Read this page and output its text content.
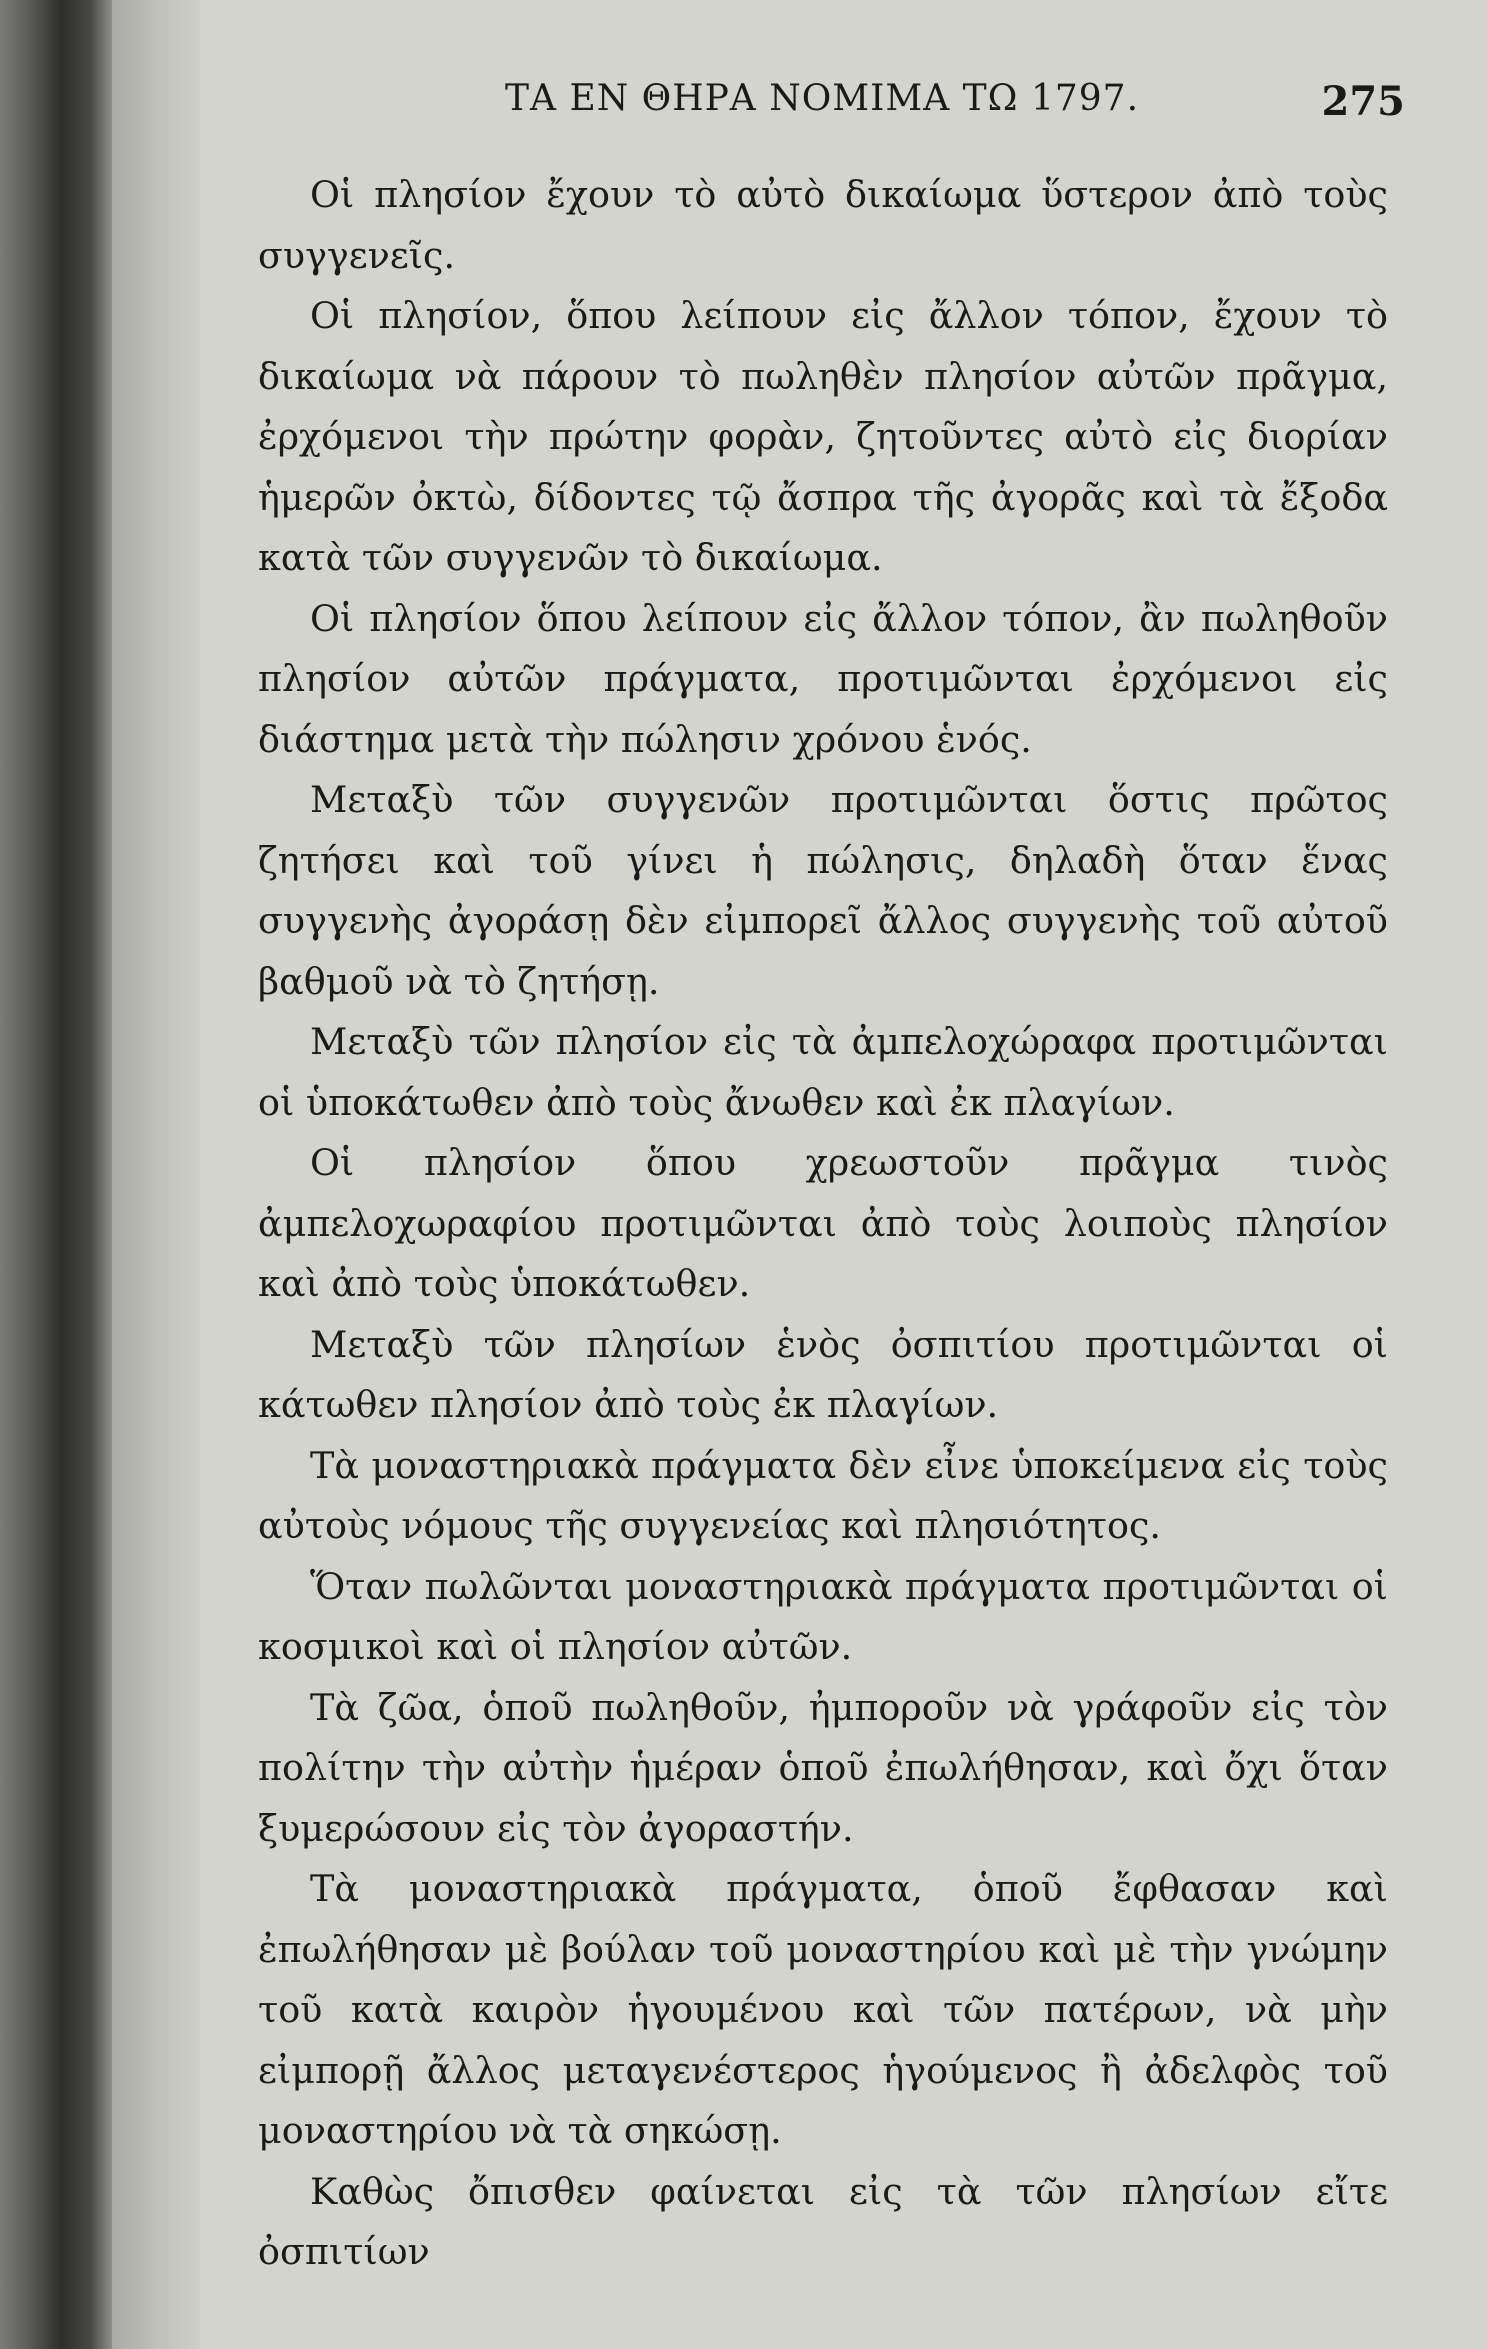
ΤΑ ΕΝ ΘΗΡΑ ΝΟΜΙΜΑ ΤΩ 1797.	275

Οἱ πλησίον ἔχουν τὸ αὐτὸ δικαίωμα ὕστερον ἀπὸ τοὺς συγγενεῖς.

Οἱ πλησίον, ὅπου λείπουν εἰς ἄλλον τόπον, ἔχουν τὸ δικαίωμα νὰ πάρουν τὸ πωληθὲν πλησίον αὐτῶν πρᾶγμα, ἐρχόμενοι τὴν πρώτην φορὰν, ζητοῦντες αὐτὸ εἰς διορίαν ἡμερῶν ὀκτὼ, δίδοντες τῷ ἄσπρα τῆς ἀγορᾶς καὶ τὰ ἔξοδα κατὰ τῶν συγγενῶν τὸ δικαίωμα.

Οἱ πλησίον ὅπου λείπουν εἰς ἄλλον τόπον, ἂν πωληθοῦν πλησίον αὐτῶν πράγματα, προτιμῶνται ἐρχόμενοι εἰς διάστημα μετὰ τὴν πώλησιν χρόνου ἑνός.

Μεταξὺ τῶν συγγενῶν προτιμῶνται ὅστις πρῶτος ζητήσει καὶ τοῦ γίνει ἡ πώλησις, δηλαδὴ ὅταν ἕνας συγγενὴς ἀγοράσῃ δὲν εἰμπορεῖ ἄλλος συγγενὴς τοῦ αὐτοῦ βαθμοῦ νὰ τὸ ζητήσῃ.

Μεταξὺ τῶν πλησίον εἰς τὰ ἀμπελοχώραφα προτιμῶνται οἱ ὑποκάτωθεν ἀπὸ τοὺς ἄνωθεν καὶ ἐκ πλαγίων.

Οἱ πλησίον ὅπου χρεωστοῦν πρᾶγμα τινὸς ἀμπελοχωραφίου προτιμῶνται ἀπὸ τοὺς λοιποὺς πλησίον καὶ ἀπὸ τοὺς ὑποκάτωθεν.

Μεταξὺ τῶν πλησίων ἑνὸς ὀσπιτίου προτιμῶνται οἱ κάτωθεν πλησίον ἀπὸ τοὺς ἐκ πλαγίων.

Τὰ μοναστηριακὰ πράγματα δὲν εἶνε ὑποκείμενα εἰς τοὺς αὐτοὺς νόμους τῆς συγγενείας καὶ πλησιότητος.

Ὅταν πωλῶνται μοναστηριακὰ πράγματα προτιμῶνται οἱ κοσμικοὶ καὶ οἱ πλησίον αὐτῶν.

Τὰ ζῶα, ὁποῦ πωληθοῦν, ἠμποροῦν νὰ γράφοῦν εἰς τὸν πολίτην τὴν αὐτὴν ἡμέραν ὁποῦ ἐπωλήθησαν, καὶ ὄχι ὅταν ξυμερώσουν εἰς τὸν ἀγοραστήν.

Τὰ μοναστηριακὰ πράγματα, ὁποῦ ἔφθασαν καὶ ἐπωλήθησαν μὲ βούλαν τοῦ μοναστηρίου καὶ μὲ τὴν γνώμην τοῦ κατὰ καιρὸν ἡγουμένου καὶ τῶν πατέρων, νὰ μὴν εἰμπορῇ ἄλλος μεταγενέστερος ἡγούμενος ἢ ἀδελφὸς τοῦ μοναστηρίου νὰ τὰ σηκώσῃ.

Καθὼς ὄπισθεν φαίνεται εἰς τὰ τῶν πλησίων εἴτε ὀσπιτίων
